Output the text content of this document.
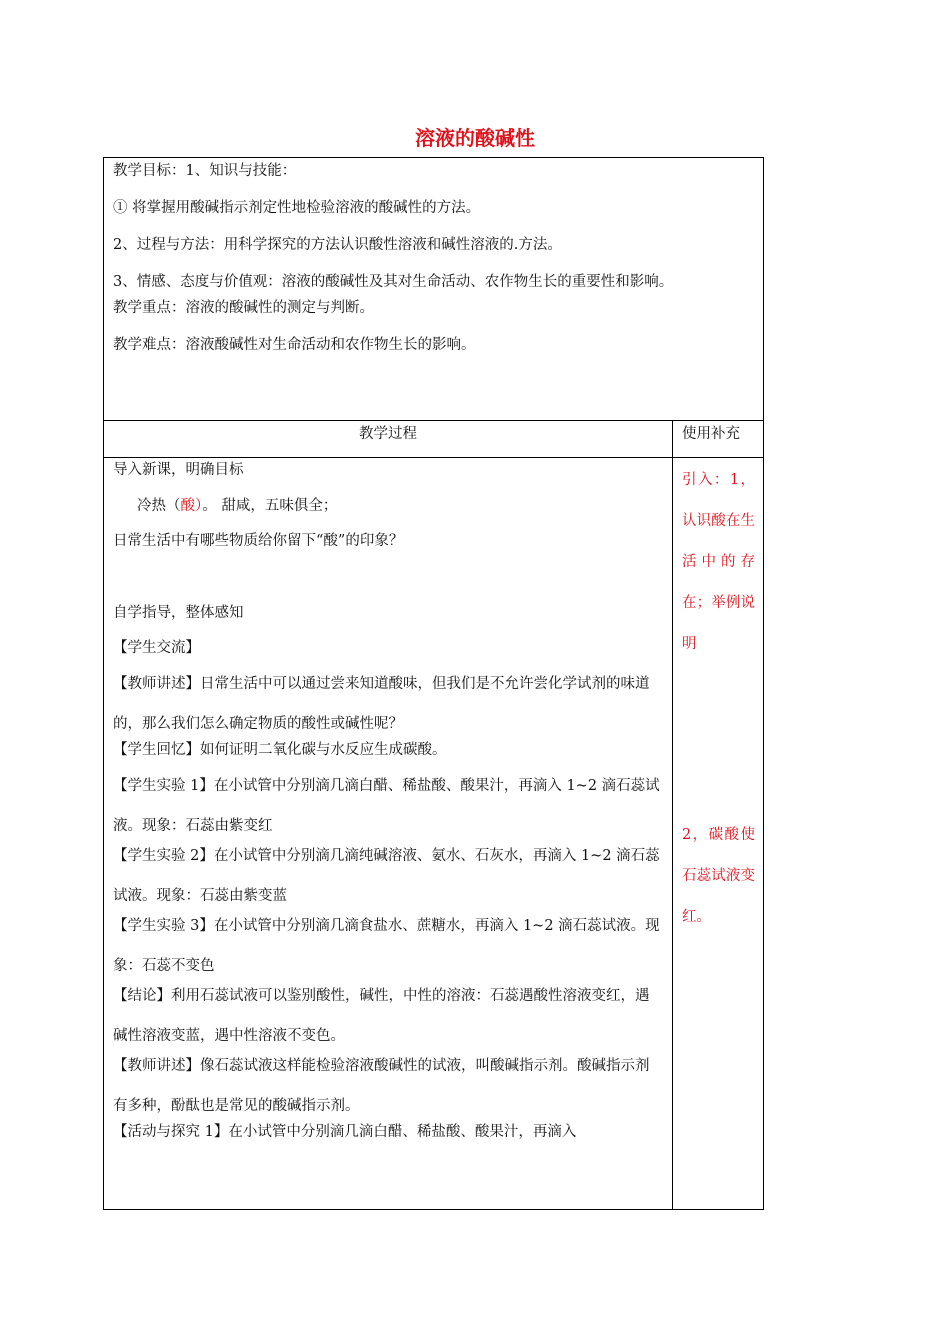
溶液的酸碱性

教学目标：1、知识与技能：

① 将掌握用酸碱指示剂定性地检验溶液的酸碱性的方法。

2、过程与方法：用科学探究的方法认识酸性溶液和碱性溶液的.方法。

3、情感、态度与价值观：溶液的酸碱性及其对生命活动、农作物生长的重要性和影响。

教学重点：溶液的酸碱性的测定与判断。

教学难点：溶液酸碱性对生命活动和农作物生长的影响。

教学过程	使用补充

导入新课，明确目标

冷热（酸）。 甜咸，五味俱全；

日常生活中有哪些物质给你留下“酸”的印象？

自学指导，整体感知

【学生交流】

【教师讲述】日常生活中可以通过尝来知道酸味，但我们是不允许尝化学试剂的味道的，那么我们怎么确定物质的酸性或碱性呢？

【学生回忆】如何证明二氧化碳与水反应生成碳酸。

【学生实验 1】在小试管中分别滴几滴白醋、稀盐酸、酸果汁，再滴入 1~2 滴石蕊试液。现象：石蕊由紫变红

【学生实验 2】在小试管中分别滴几滴纯碱溶液、氨水、石灰水，再滴入 1~2 滴石蕊试液。现象：石蕊由紫变蓝

【学生实验 3】在小试管中分别滴几滴食盐水、蔗糖水，再滴入 1~2 滴石蕊试液。现象：石蕊不变色

【结论】利用石蕊试液可以鉴别酸性，碱性，中性的溶液：石蕊遇酸性溶液变红，遇碱性溶液变蓝，遇中性溶液不变色。

【教师讲述】像石蕊试液这样能检验溶液酸碱性的试液，叫酸碱指示剂。酸碱指示剂有多种，酚酞也是常见的酸碱指示剂。

【活动与探究 1】在小试管中分别滴几滴白醋、稀盐酸、酸果汁，再滴入

引入：1，认识酸在生活中的存在；举例说明

2，碳酸使石蕊试液变红。
